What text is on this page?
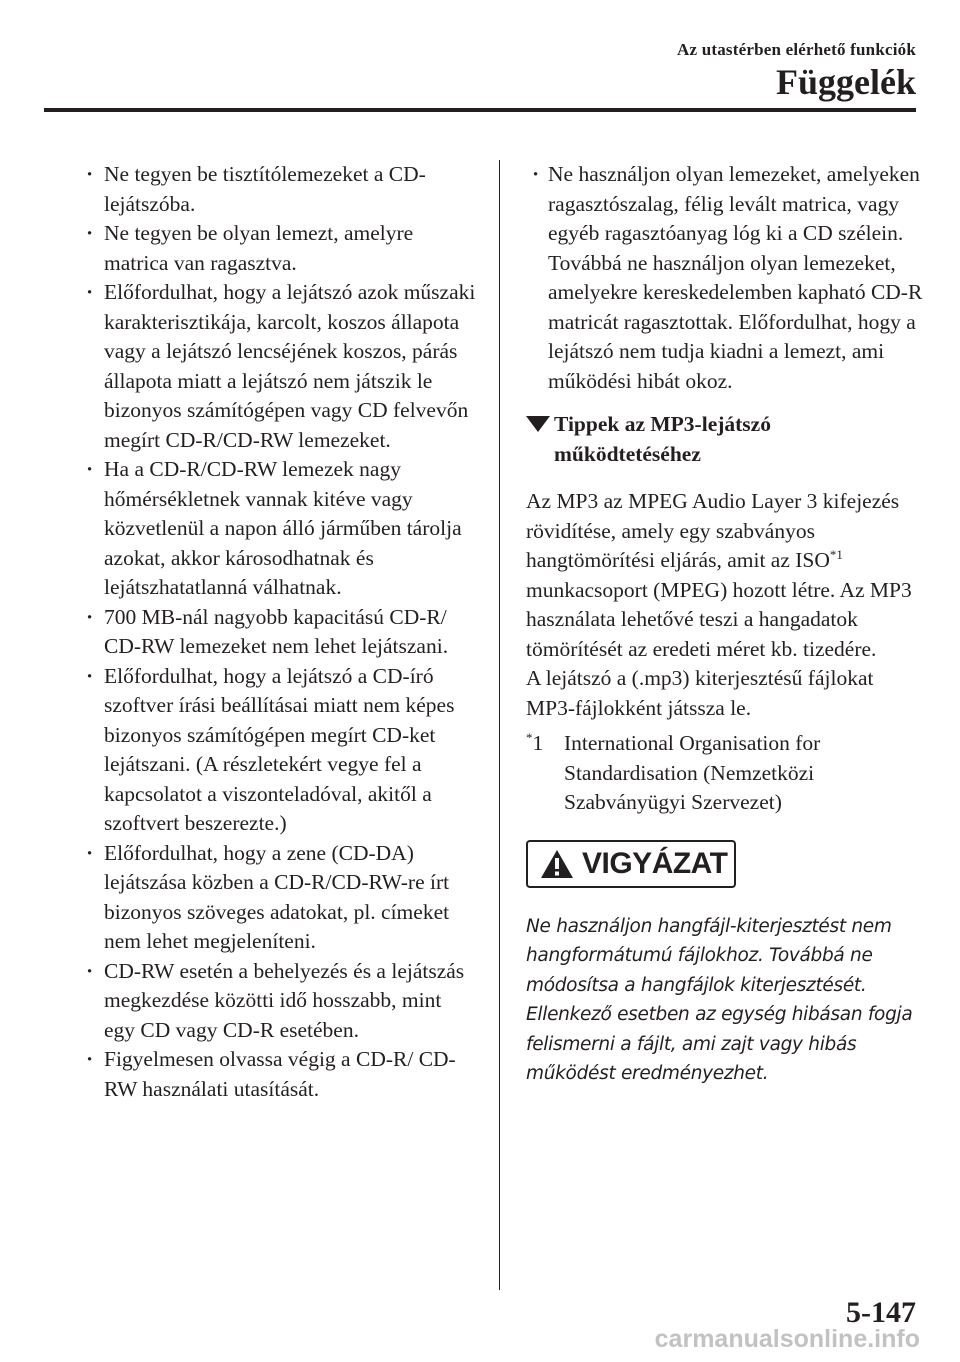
Az utastérben elérhető funkciók
Függelék
· Ne tegyen be tisztítólemezeket a CD-lejátszóba.
· Ne tegyen be olyan lemezt, amelyre matrica van ragasztva.
· Előfordulhat, hogy a lejátszó azok műszaki karakterisztikája, karcolt, koszos állapota vagy a lejátszó lencséjének koszos, párás állapota miatt a lejátszó nem játszik le bizonyos számítógépen vagy CD felvevőn megírt CD-R/CD-RW lemezeket.
· Ha a CD-R/CD-RW lemezek nagy hőmérsékletnek vannak kitéve vagy közvetlenül a napon álló járműben tárolja azokat, akkor károsodhatnak és lejátszhatatlanná válhatnak.
· 700 MB-nál nagyobb kapacitású CD-R/ CD-RW lemezeket nem lehet lejátszani.
· Előfordulhat, hogy a lejátszó a CD-író szoftver írási beállításai miatt nem képes bizonyos számítógépen megírt CD-ket lejátszani. (A részletekért vegye fel a kapcsolatot a viszonteladóval, akitől a szoftvert beszerezte.)
· Előfordulhat, hogy a zene (CD-DA) lejátszása közben a CD-R/CD-RW-re írt bizonyos szöveges adatokat, pl. címeket nem lehet megjeleníteni.
· CD-RW esetén a behelyezés és a lejátszás megkezdése közötti idő hosszabb, mint egy CD vagy CD-R esetében.
· Figyelmesen olvassa végig a CD-R/ CD-RW használati utasítását.
· Ne használjon olyan lemezeket, amelyeken ragasztószalag, félig levált matrica, vagy egyéb ragasztóanyag lóg ki a CD szélein. Továbbá ne használjon olyan lemezeket, amelyekre kereskedelemben kapható CD-R matricát ragasztottak. Előfordulhat, hogy a lejátszó nem tudja kiadni a lemezt, ami működési hibát okoz.
Tippek az MP3-lejátszó működtetéséhez

Az MP3 az MPEG Audio Layer 3 kifejezés rövidítése, amely egy szabványos hangtömörítési eljárás, amit az ISO$^{*1}$ munkacsoport (MPEG) hozott létre. Az MP3 használata lehetővé teszi a hangadatok tömörítését az eredeti méret kb. tizedére.

A lejátszó a (.mp3) kiterjesztésű fájlokat MP3-fájlokként játssza le.

*1 International Organisation for Standardisation (Nemzetközi Szabványügyi Szervezet)
VIGYÁZAT
Ne használjon hangfájl-kiterjesztést nem hangformátumú fájlokhoz. Továbbá ne módosítsa a hangfájlok kiterjesztését. Ellenkező esetben az egység hibásan fogja felismerni a fájlt, ami zajt vagy hibás működést eredményezhet.
5-147
carmanualsonline.info
